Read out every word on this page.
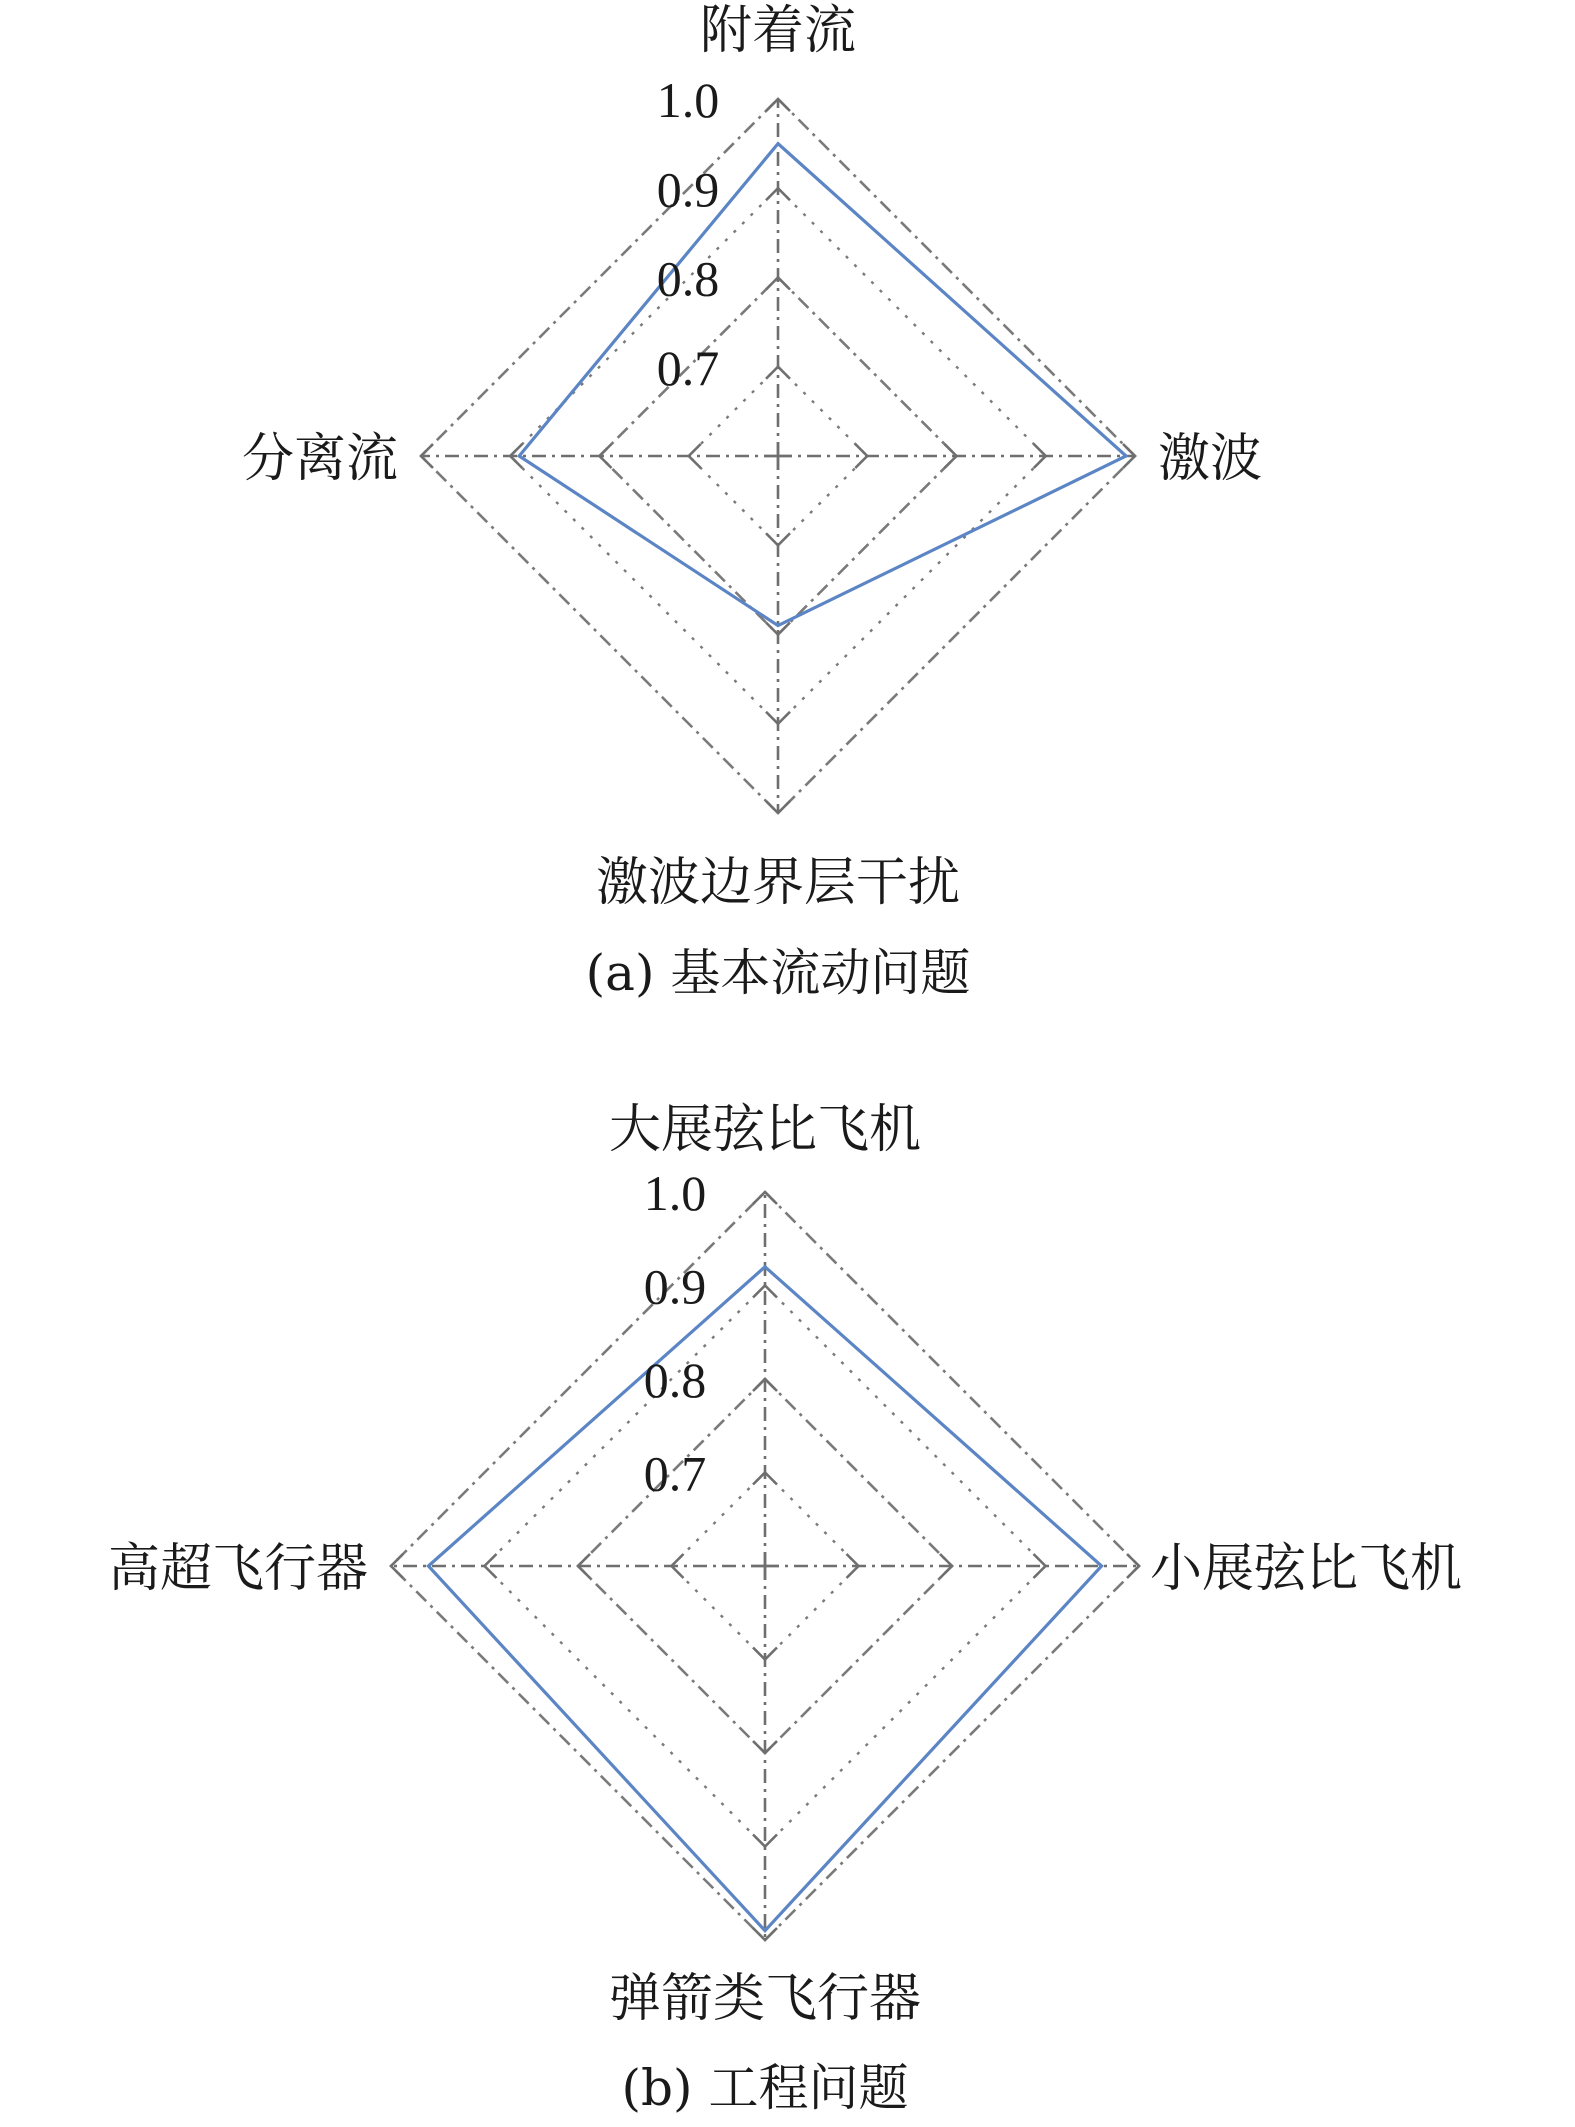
1.0
0.9
0.8
0.7
附着流
激波
激波边界层干扰
分离流
(a) 基本流动问题
1.0
0.9
0.8
0.7
大展弦比飞机
小展弦比飞机
弹箭类飞行器
高超飞行器
(b) 工程问题
